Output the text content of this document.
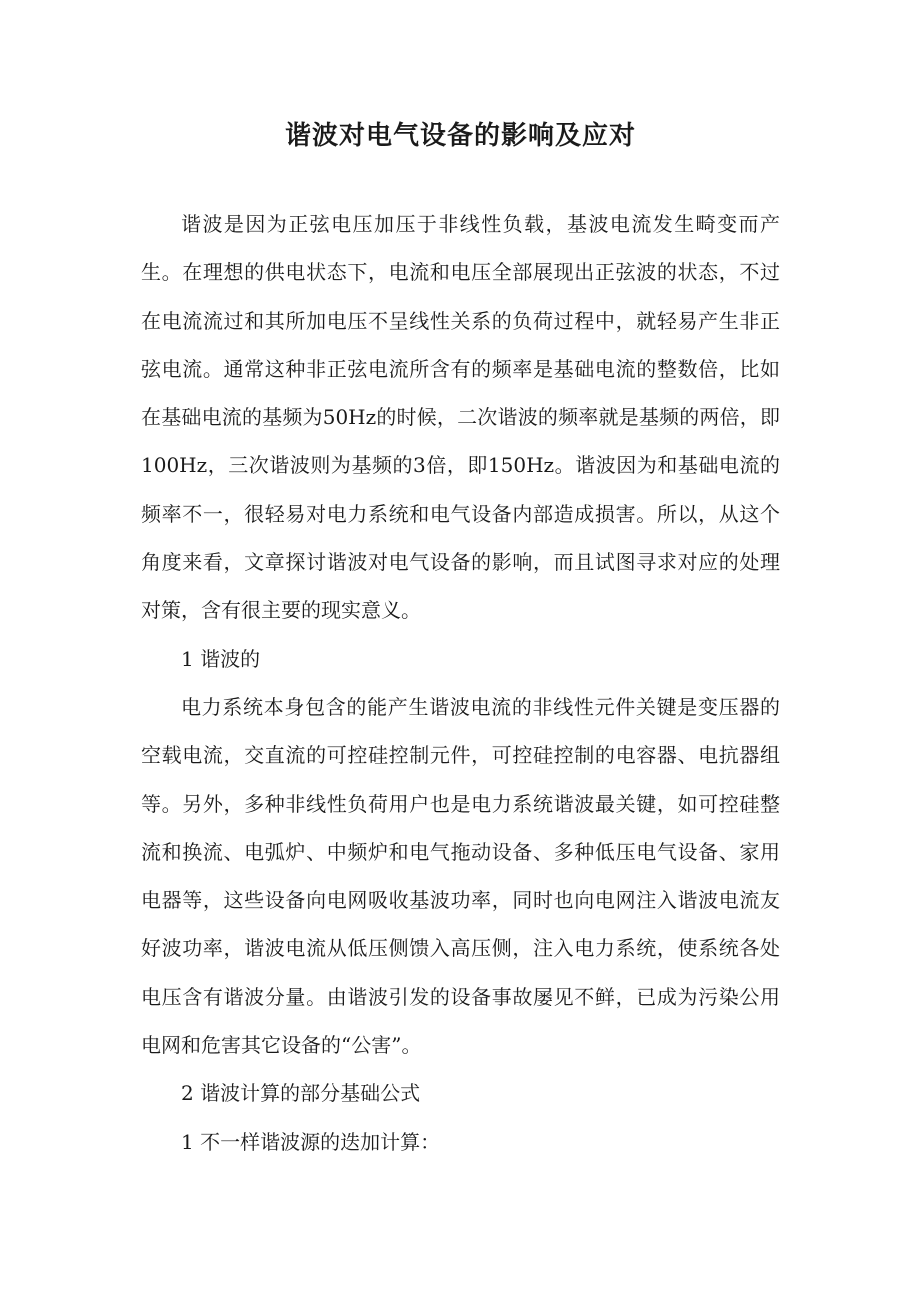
谐波对电气设备的影响及应对

谐波是因为正弦电压加压于非线性负载，基波电流发生畸变而产生。在理想的供电状态下，电流和电压全部展现出正弦波的状态，不过在电流流过和其所加电压不呈线性关系的负荷过程中，就轻易产生非正弦电流。通常这种非正弦电流所含有的频率是基础电流的整数倍，比如在基础电流的基频为50Hz的时候，二次谐波的频率就是基频的两倍，即100Hz，三次谐波则为基频的3倍，即150Hz。谐波因为和基础电流的频率不一，很轻易对电力系统和电气设备内部造成损害。所以，从这个角度来看，文章探讨谐波对电气设备的影响，而且试图寻求对应的处理对策，含有很主要的现实意义。

1 谐波的

电力系统本身包含的能产生谐波电流的非线性元件关键是变压器的空载电流，交直流的可控硅控制元件，可控硅控制的电容器、电抗器组等。另外，多种非线性负荷用户也是电力系统谐波最关键，如可控硅整流和换流、电弧炉、中频炉和电气拖动设备、多种低压电气设备、家用电器等，这些设备向电网吸收基波功率，同时也向电网注入谐波电流友好波功率，谐波电流从低压侧馈入高压侧，注入电力系统，使系统各处电压含有谐波分量。由谐波引发的设备事故屡见不鲜，已成为污染公用电网和危害其它设备的“公害”。

2 谐波计算的部分基础公式

1 不一样谐波源的迭加计算：
